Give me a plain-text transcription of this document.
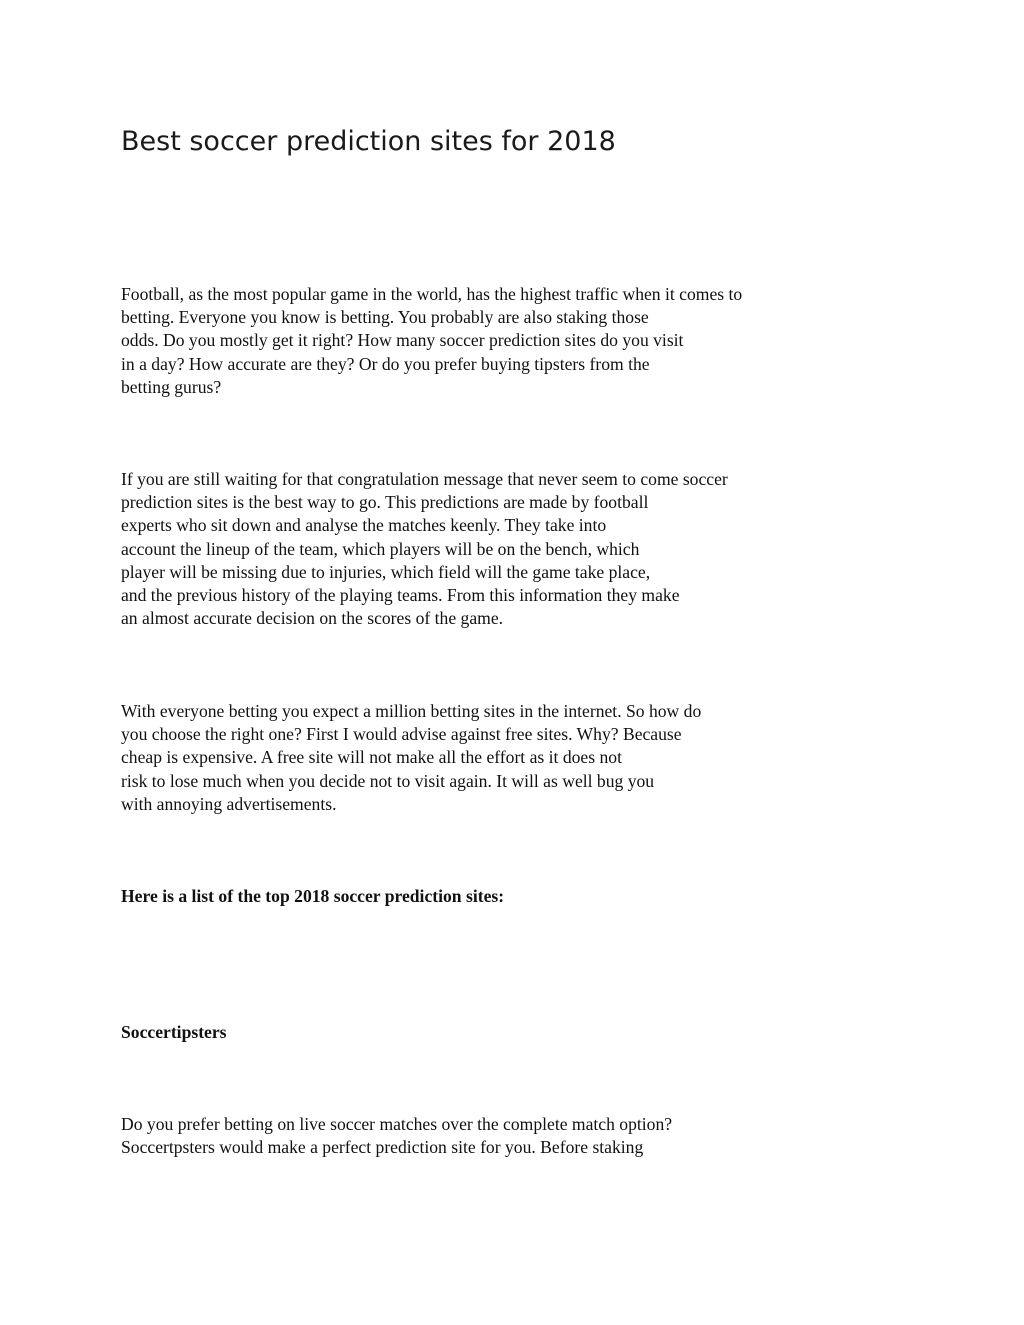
Best soccer prediction sites for 2018

Football, as the most popular game in the world, has the highest traffic when it comes to
betting. Everyone you know is betting. You probably are also staking those
odds. Do you mostly get it right? How many soccer prediction sites do you visit
in a day? How accurate are they? Or do you prefer buying tipsters from the
betting gurus?

If you are still waiting for that congratulation message that never seem to come soccer
prediction sites is the best way to go. This predictions are made by football
experts who sit down and analyse the matches keenly. They take into
account the lineup of the team, which players will be on the bench, which
player will be missing due to injuries, which field will the game take place,
and the previous history of the playing teams. From this information they make
an almost accurate decision on the scores of the game.

With everyone betting you expect a million betting sites in the internet. So how do
you choose the right one? First I would advise against free sites. Why? Because
cheap is expensive. A free site will not make all the effort as it does not
risk to lose much when you decide not to visit again. It will as well bug you
with annoying advertisements.

Here is a list of the top 2018 soccer prediction sites:

Soccertipsters

Do you prefer betting on live soccer matches over the complete match option?
Soccertpsters would make a perfect prediction site for you. Before staking
